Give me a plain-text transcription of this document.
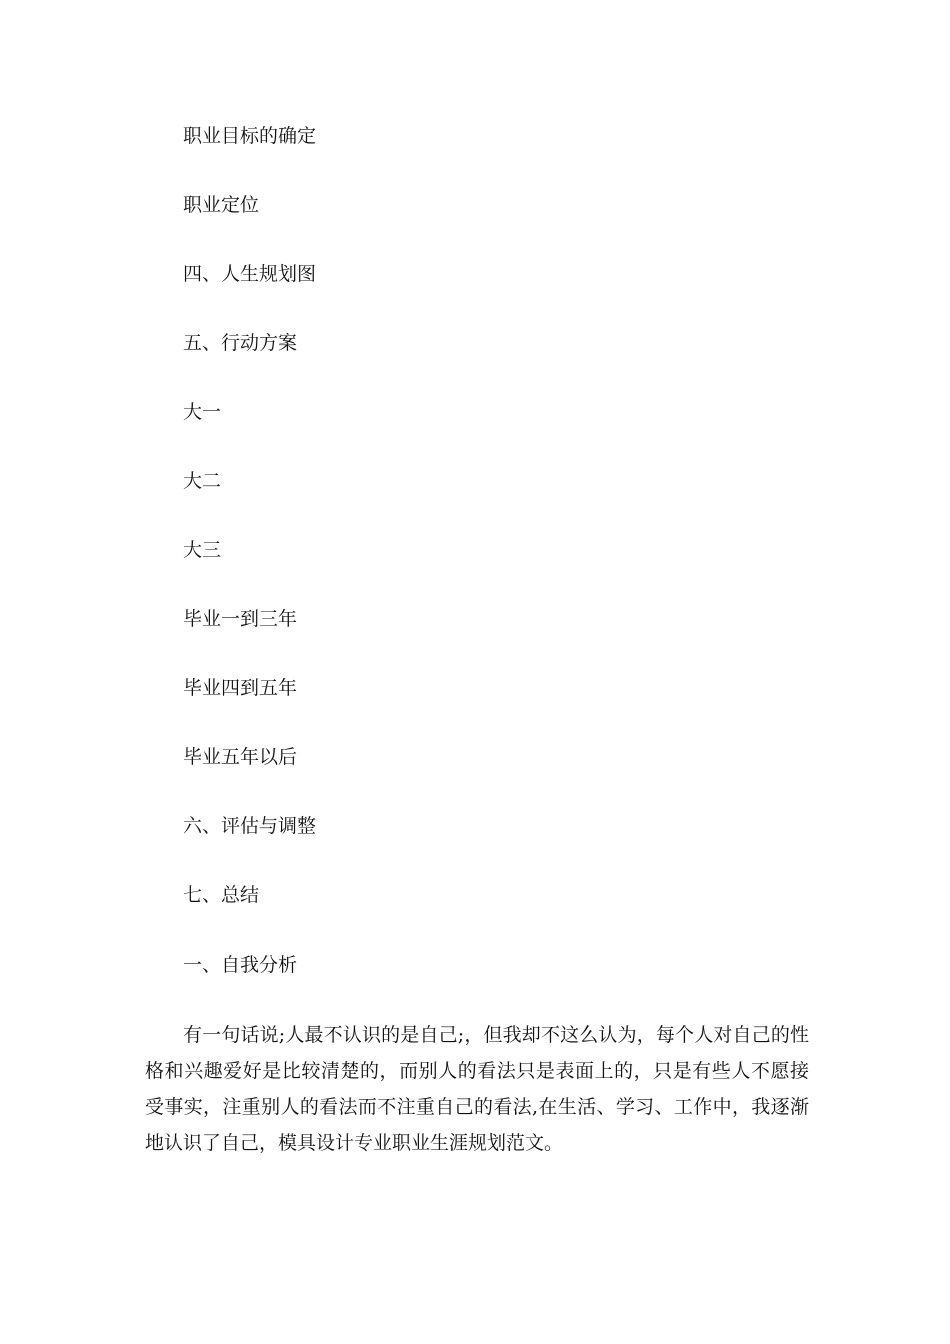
职业目标的确定

职业定位

四、人生规划图

五、行动方案

大一

大二

大三

毕业一到三年

毕业四到五年

毕业五年以后

六、评估与调整

七、总结

一、自我分析

有一句话说;人最不认识的是自己;，但我却不这么认为，每个人对自己的性格和兴趣爱好是比较清楚的，而别人的看法只是表面上的，只是有些人不愿接受事实，注重别人的看法而不注重自己的看法,在生活、学习、工作中，我逐渐地认识了自己，模具设计专业职业生涯规划范文。
